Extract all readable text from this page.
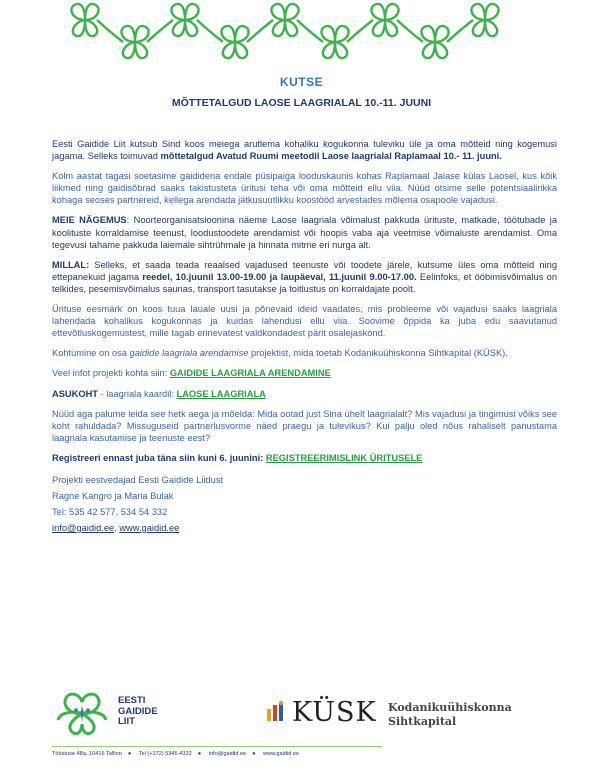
KUTSE
MÕTTETALGUD LAOSE LAAGRIALAL 10.-11. JUUNI

Eesti Gaidide Liit kutsub Sind koos meiega arutlema kohaliku kogukonna tuleviku üle ja oma mõtteid ning kogemusi jagama. Selleks toimuvad mõttetalgud Avatud Ruumi meetodil Laose laagrialal Raplamaal 10.- 11. juuni.

Kolm aastat tagasi soetasime gaididena endale püsipaiga looduskaunis kohas Raplamaal Jalase külas Laosel, kus kõik liikmed ning gaidisõbrad saaks takistusteta üritusi teha või oma mõtteid ellu viia. Nüüd otsime selle potentsiaalirikka kohaga seoses partnereid, kellega arendada jätkusuutlikku koostööd arvestades mõlema osapoole vajadusi.

MEIE NÄGEMUS: Noorteorganisatsioonina näeme Laose laagriala võimalust pakkuda ürituste, matkade, töötubade ja koolituste korraldamise teenust, loodustoodete arendamist või hoopis vaba aja veetmise võimaluste arendamist. Oma tegevusi tahame pakkuda laiemale sihtrühmale ja hinnata mitme eri nurga alt.

MILLAL: Selleks, et saada teada reaalsed vajadused teenuste või toodete järele, kutsume üles oma mõtteid ning ettepanekuid jagama reedel, 10.juunil 13.00-19.00 ja laupäeval, 11.juunil 9.00-17.00. Eelinfoks, et ööbimisvõimalus on telkides, pesemisvõimalus saunas, transport tasutakse ja toitlustus on korraldajate poolt.

Ürituse eesmärk on koos tuua lauale uusi ja põnevaid ideid vaadates, mis probleeme või vajadusi saaks laagriala lahendada kohalikus kogukonnas ja kuidas lahendusi ellu viia. Soovime õppida ka juba edu saavutanud ettevõtluskogemustest, mille tagab erinevatest valdkondadest pärit osalejaskond.

Kohtumine on osa gaidide laagriala arendamise projektist, mida toetab Kodanikuühiskonna Sihtkapital (KÜSK).

Veel infot projekti kohta siin: GAIDIDE LAAGRIALA ARENDAMINE

ASUKOHT - laagriala kaardil: LAOSE LAAGRIALA

Nüüd aga palume leida see hetk aega ja mõelda: Mida ootad just Sina ühelt laagrialalt? Mis vajadusi ja tingimusi võiks see koht rahuldada? Missuguseid partnerlusvorme näed praegu ja tulevikus? Kui palju oled nõus rahaliselt panustama laagriala kasutamise ja teenuste eest?

Registreeri ennast juba täna siin kuni 6. juunini: REGISTREERIMISLINK ÜRITUSELE

Projekti eestvedajad Eesti Gaidide Liidust
Ragne Kangro ja Maria Bulak
Tel: 535 42 577, 534 54 332
info@gaidid.ee, www.gaidid.ee

EESTI
GAIDIDE
LIIT	KÜSK Kodanikuühiskonna
Sihtkapital
Tööstuse 48a, 10416 Tallinn ● Tel (+372) 5345 4332 ● info@gaidid.ee ● www.gaidid.ee
